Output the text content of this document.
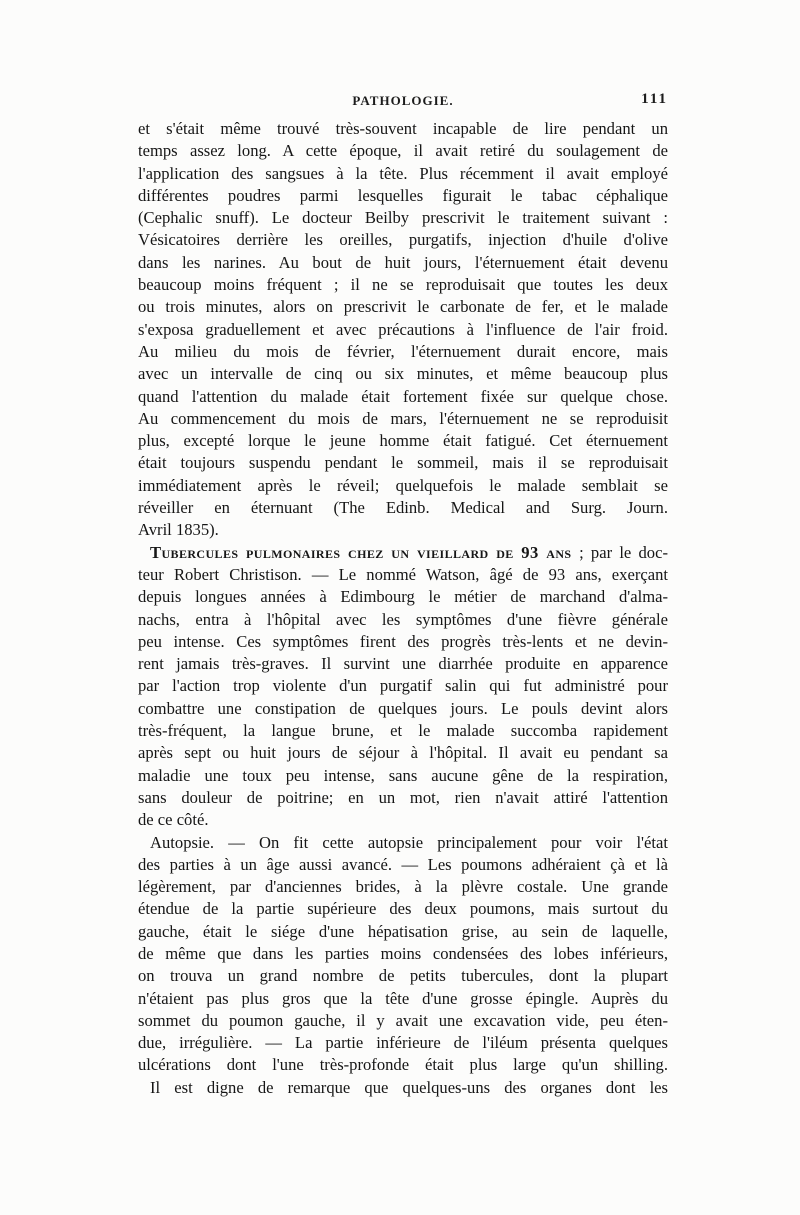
PATHOLOGIE.	111
et s'était même trouvé très-souvent incapable de lire pendant un
temps assez long. A cette époque, il avait retiré du soulagement de
l'application des sangsues à la tête. Plus récemment il avait employé
différentes poudres parmi lesquelles figurait le tabac céphalique
(Cephalic snuff). Le docteur Beilby prescrivit le traitement suivant :
Vésicatoires derrière les oreilles, purgatifs, injection d'huile d'olive
dans les narines. Au bout de huit jours, l'éternuement était devenu
beaucoup moins fréquent ; il ne se reproduisait que toutes les deux
ou trois minutes, alors on prescrivit le carbonate de fer, et le malade
s'exposa graduellement et avec précautions à l'influence de l'air froid.
Au milieu du mois de février, l'éternuement durait encore, mais
avec un intervalle de cinq ou six minutes, et même beaucoup plus
quand l'attention du malade était fortement fixée sur quelque chose.
Au commencement du mois de mars, l'éternuement ne se reproduisit
plus, excepté lorque le jeune homme était fatigué. Cet éternuement
était toujours suspendu pendant le sommeil, mais il se reproduisait
immédiatement après le réveil; quelquefois le malade semblait se
réveiller en éternuant (The Edinb. Medical and Surg. Journ.
Avril 1835).
Tubercules pulmonaires chez un vieillard de 93 ans ; par le doc-
teur Robert Christison. — Le nommé Watson, âgé de 93 ans, exerçant
depuis longues années à Edimbourg le métier de marchand d'alma-
nachs, entra à l'hôpital avec les symptômes d'une fièvre générale
peu intense. Ces symptômes firent des progrès très-lents et ne devin-
rent jamais très-graves. Il survint une diarrhée produite en apparence
par l'action trop violente d'un purgatif salin qui fut administré pour
combattre une constipation de quelques jours. Le pouls devint alors
très-fréquent, la langue brune, et le malade succomba rapidement
après sept ou huit jours de séjour à l'hôpital. Il avait eu pendant sa
maladie une toux peu intense, sans aucune gêne de la respiration,
sans douleur de poitrine; en un mot, rien n'avait attiré l'attention
de ce côté.
Autopsie. — On fit cette autopsie principalement pour voir l'état
des parties à un âge aussi avancé. — Les poumons adhéraient çà et là
légèrement, par d'anciennes brides, à la plèvre costale. Une grande
étendue de la partie supérieure des deux poumons, mais surtout du
gauche, était le siége d'une hépatisation grise, au sein de laquelle,
de même que dans les parties moins condensées des lobes inférieurs,
on trouva un grand nombre de petits tubercules, dont la plupart
n'étaient pas plus gros que la tête d'une grosse épingle. Auprès du
sommet du poumon gauche, il y avait une excavation vide, peu éten-
due, irrégulière. — La partie inférieure de l'iléum présenta quelques
ulcérations dont l'une très-profonde était plus large qu'un shilling.
Il est digne de remarque que quelques-uns des organes dont les
